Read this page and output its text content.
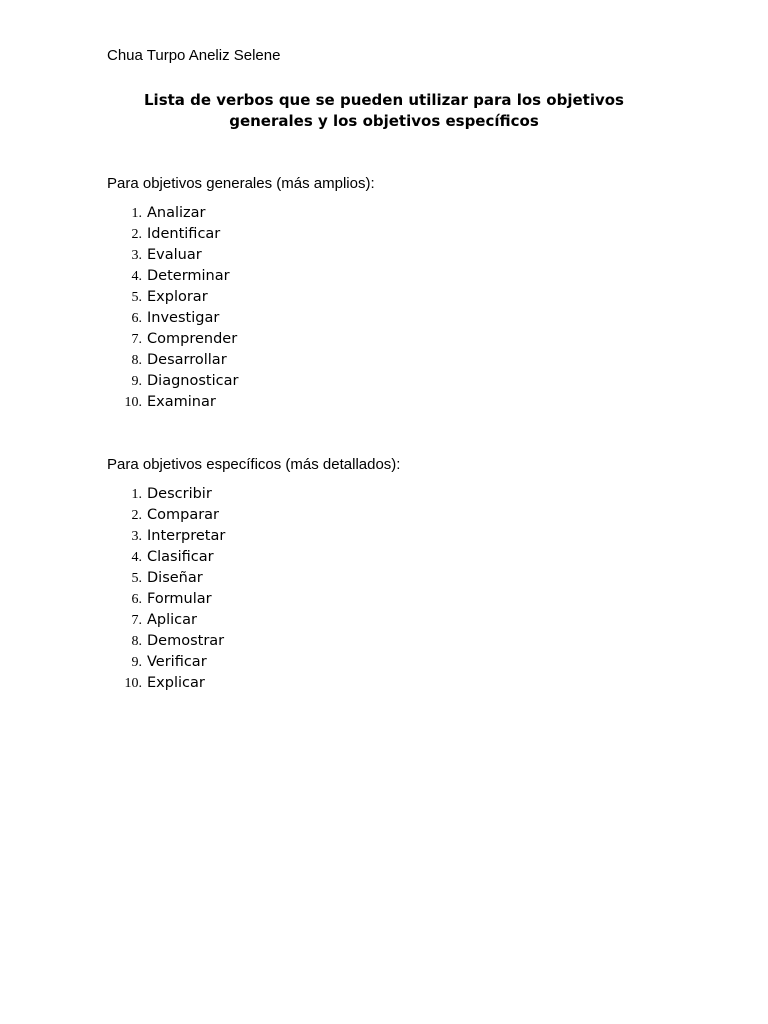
Chua Turpo Aneliz Selene
Lista de verbos que se pueden utilizar para los objetivos
generales y los objetivos específicos
Para objetivos generales (más amplios):
1. Analizar
2. Identificar
3. Evaluar
4. Determinar
5. Explorar
6. Investigar
7. Comprender
8. Desarrollar
9. Diagnosticar
10. Examinar
Para objetivos específicos (más detallados):
1. Describir
2. Comparar
3. Interpretar
4. Clasificar
5. Diseñar
6. Formular
7. Aplicar
8. Demostrar
9. Verificar
10. Explicar
